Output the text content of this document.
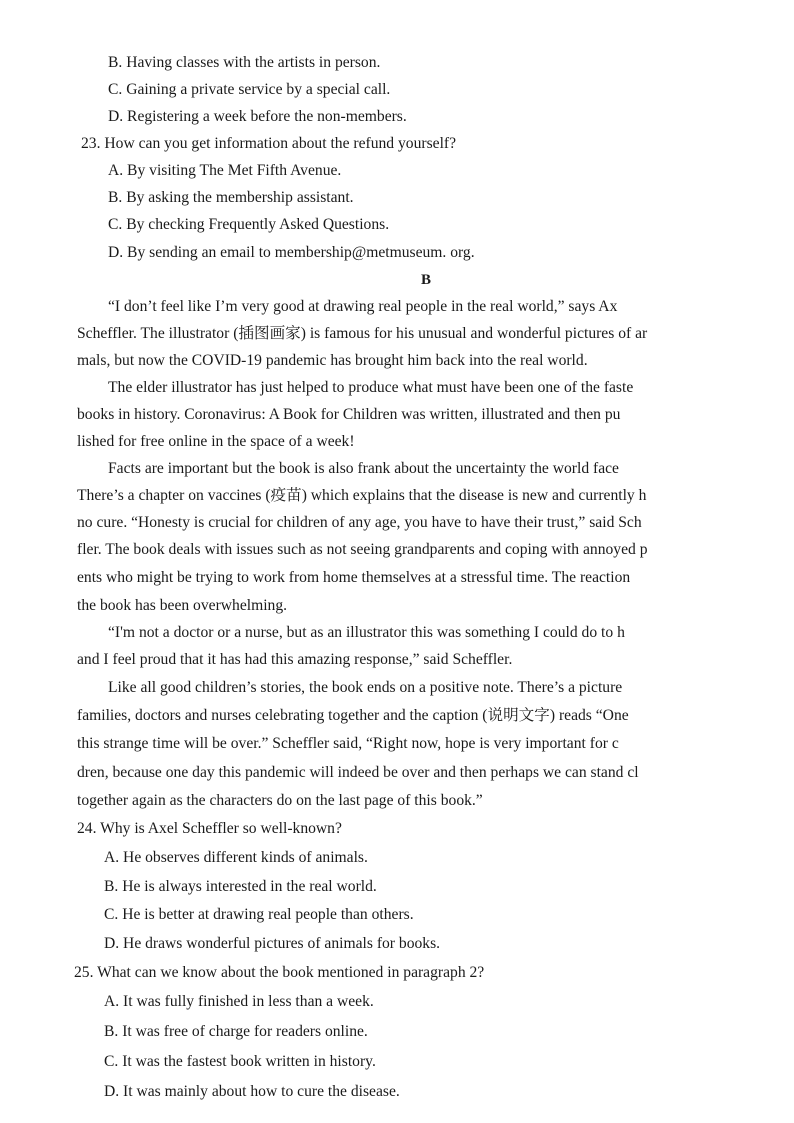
B. Having classes with the artists in person.
C. Gaining a private service by a special call.
D. Registering a week before the non-members.
23. How can you get information about the refund yourself?
A. By visiting The Met Fifth Avenue.
B. By asking the membership assistant.
C. By checking Frequently Asked Questions.
D. By sending an email to membership@metmuseum. org.
B
“I don’t feel like I’m very good at drawing real people in the real world,” says Ax
Scheffler. The illustrator (插图画家) is famous for his unusual and wonderful pictures of ar
mals, but now the COVID-19 pandemic has brought him back into the real world.
The elder illustrator has just helped to produce what must have been one of the faste
books in history. Coronavirus: A Book for Children was written, illustrated and then pu
lished for free online in the space of a week!
Facts are important but the book is also frank about the uncertainty the world face
There’s a chapter on vaccines (疫苗) which explains that the disease is new and currently h
no cure. “Honesty is crucial for children of any age, you have to have their trust,” said Sch
fler. The book deals with issues such as not seeing grandparents and coping with annoyed p
ents who might be trying to work from home themselves at a stressful time. The reaction
the book has been overwhelming.
“I'm not a doctor or a nurse, but as an illustrator this was something I could do to h
and I feel proud that it has had this amazing response,” said Scheffler.
Like all good children’s stories, the book ends on a positive note. There’s a picture
families, doctors and nurses celebrating together and the caption (说明文字) reads “One
this strange time will be over.” Scheffler said, “Right now, hope is very important for c
dren, because one day this pandemic will indeed be over and then perhaps we can stand cl
together again as the characters do on the last page of this book.”
24. Why is Axel Scheffler so well-known?
A. He observes different kinds of animals.
B. He is always interested in the real world.
C. He is better at drawing real people than others.
D. He draws wonderful pictures of animals for books.
25. What can we know about the book mentioned in paragraph 2?
A. It was fully finished in less than a week.
B. It was free of charge for readers online.
C. It was the fastest book written in history.
D. It was mainly about how to cure the disease.
